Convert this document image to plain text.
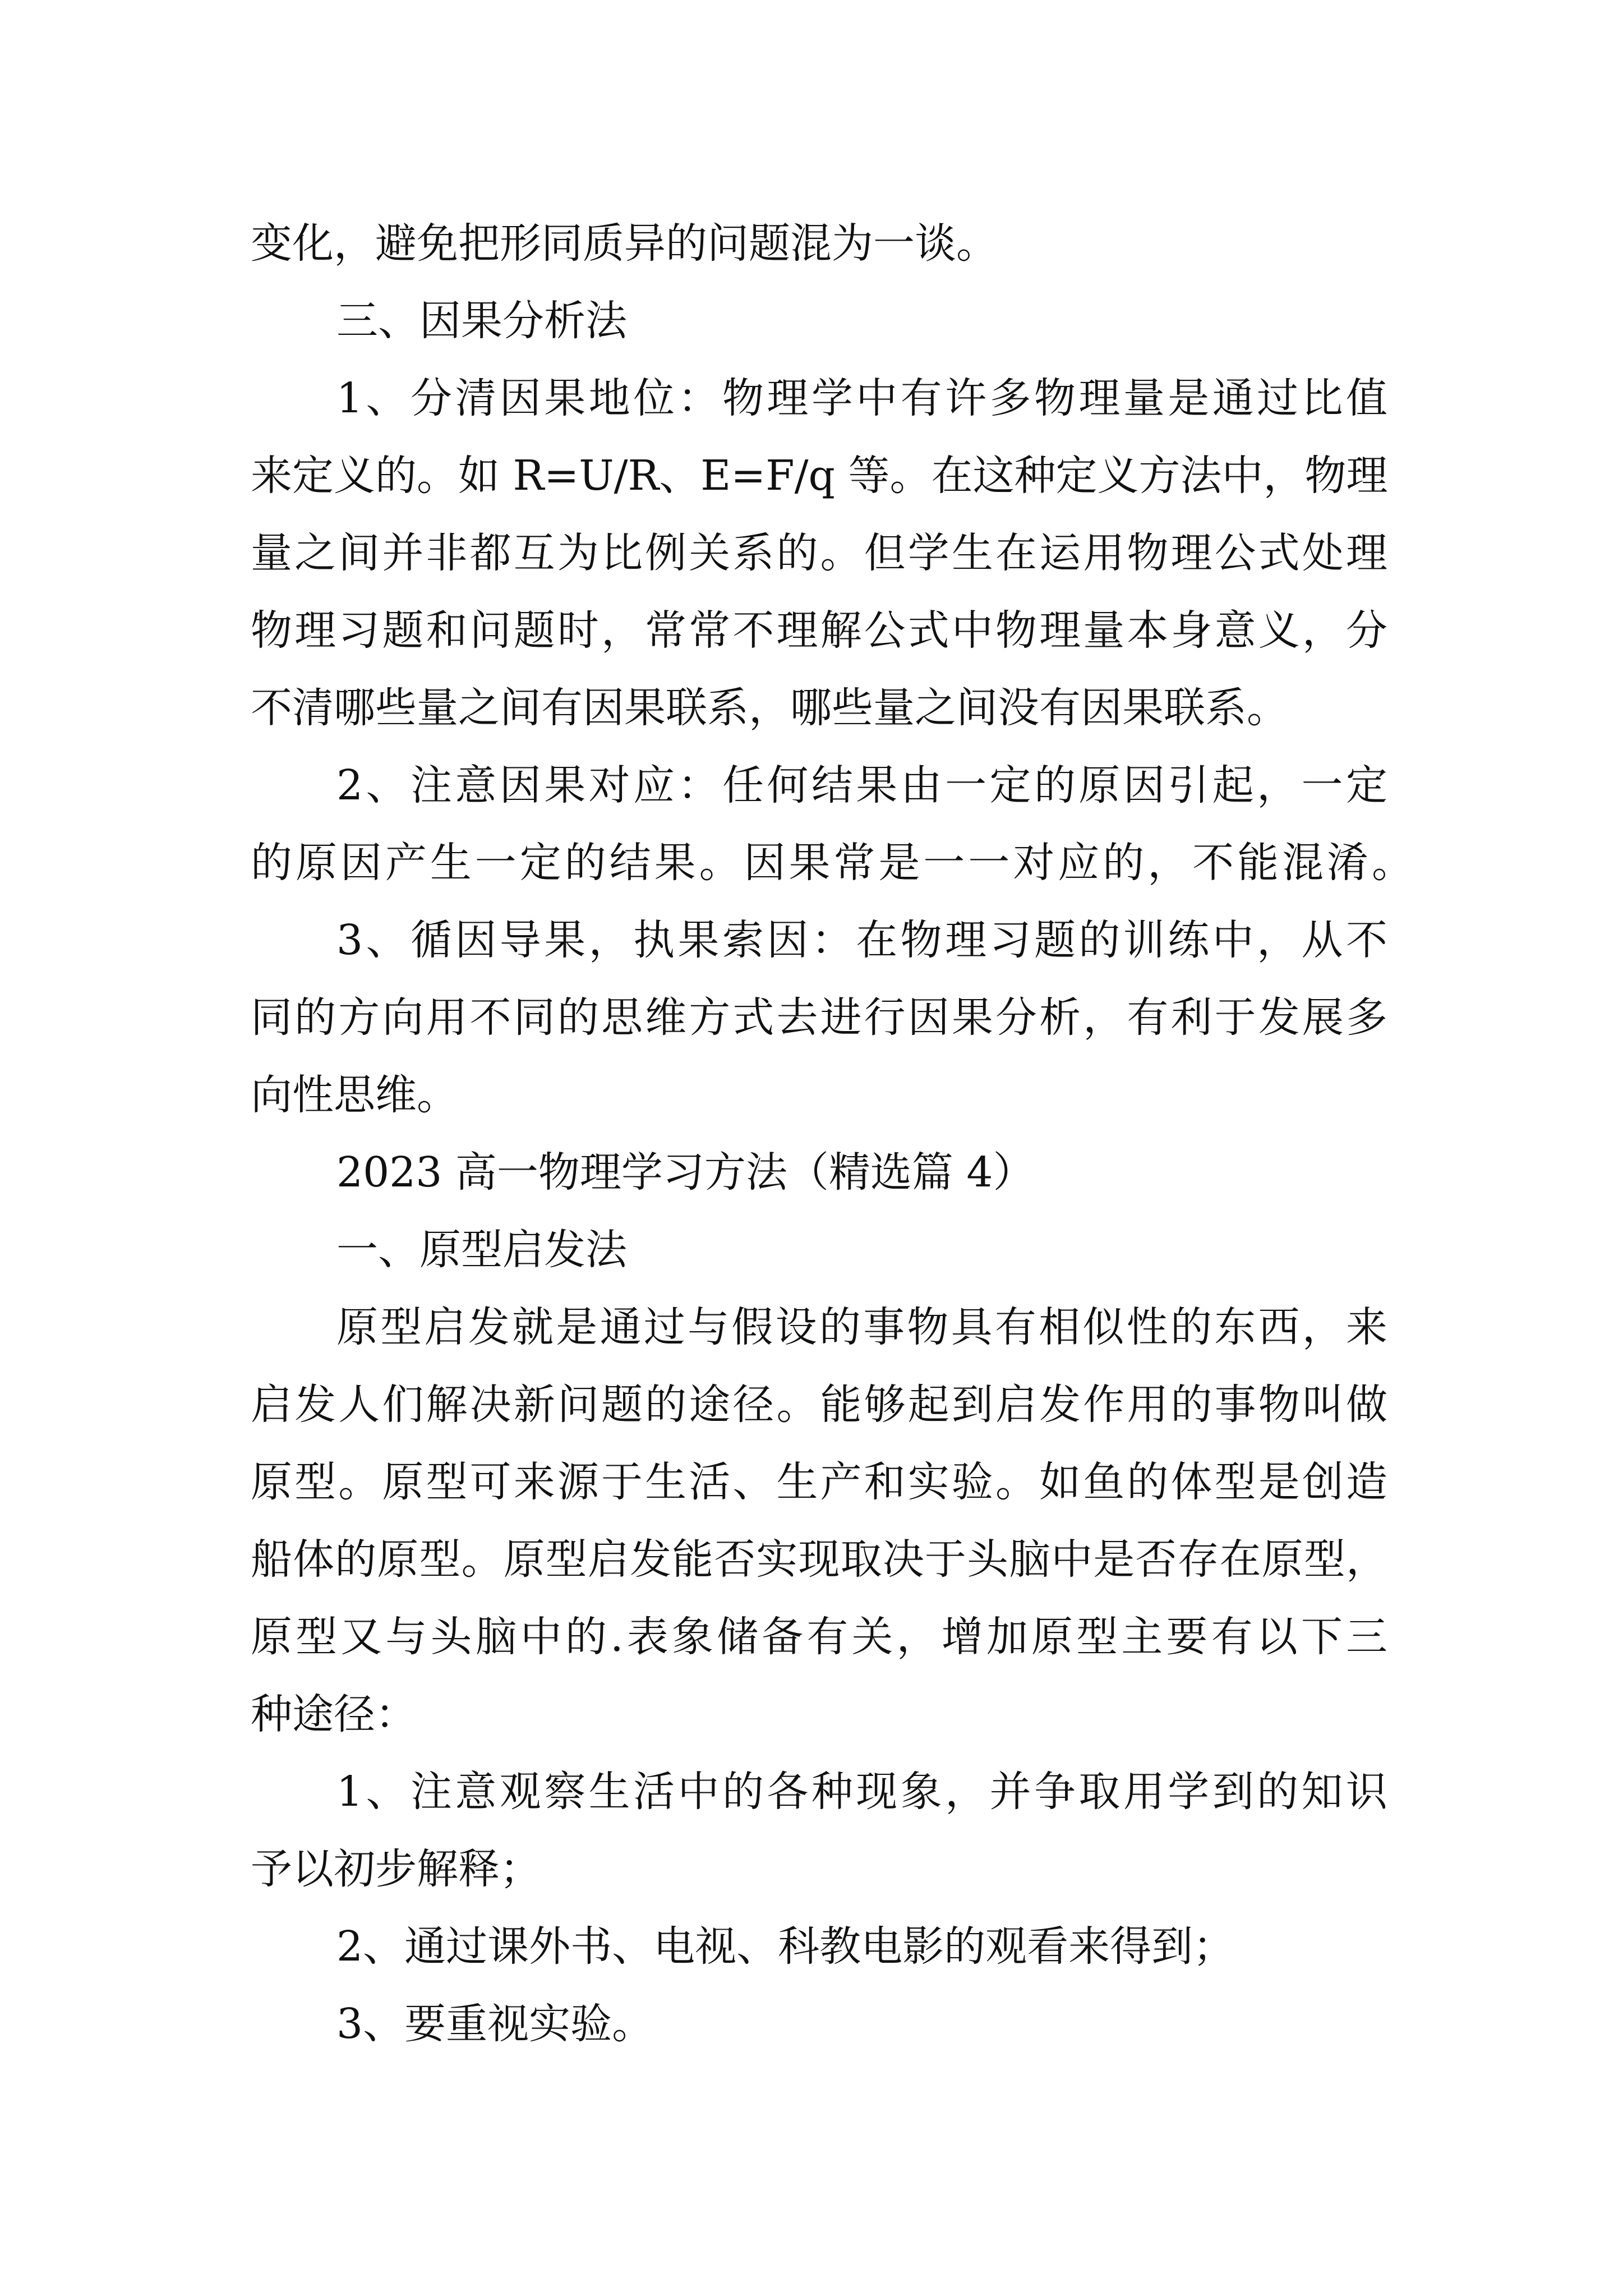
变化，避免把形同质异的问题混为一谈。
三、因果分析法
1、分清因果地位：物理学中有许多物理量是通过比值
来定义的。如 R=U/R、E=F/q 等。在这种定义方法中，物理
量之间并非都互为比例关系的。但学生在运用物理公式处理
物理习题和问题时，常常不理解公式中物理量本身意义，分
不清哪些量之间有因果联系，哪些量之间没有因果联系。
2、注意因果对应：任何结果由一定的原因引起，一定
的原因产生一定的结果。因果常是一一对应的，不能混淆。
3、循因导果，执果索因：在物理习题的训练中，从不
同的方向用不同的思维方式去进行因果分析，有利于发展多
向性思维。
2023 高一物理学习方法（精选篇 4）
一、原型启发法
原型启发就是通过与假设的事物具有相似性的东西，来
启发人们解决新问题的途径。能够起到启发作用的事物叫做
原型。原型可来源于生活、生产和实验。如鱼的体型是创造
船体的原型。原型启发能否实现取决于头脑中是否存在原型，
原型又与头脑中的.表象储备有关，增加原型主要有以下三
种途径：
1、注意观察生活中的各种现象，并争取用学到的知识
予以初步解释；
2、通过课外书、电视、科教电影的观看来得到；
3、要重视实验。
